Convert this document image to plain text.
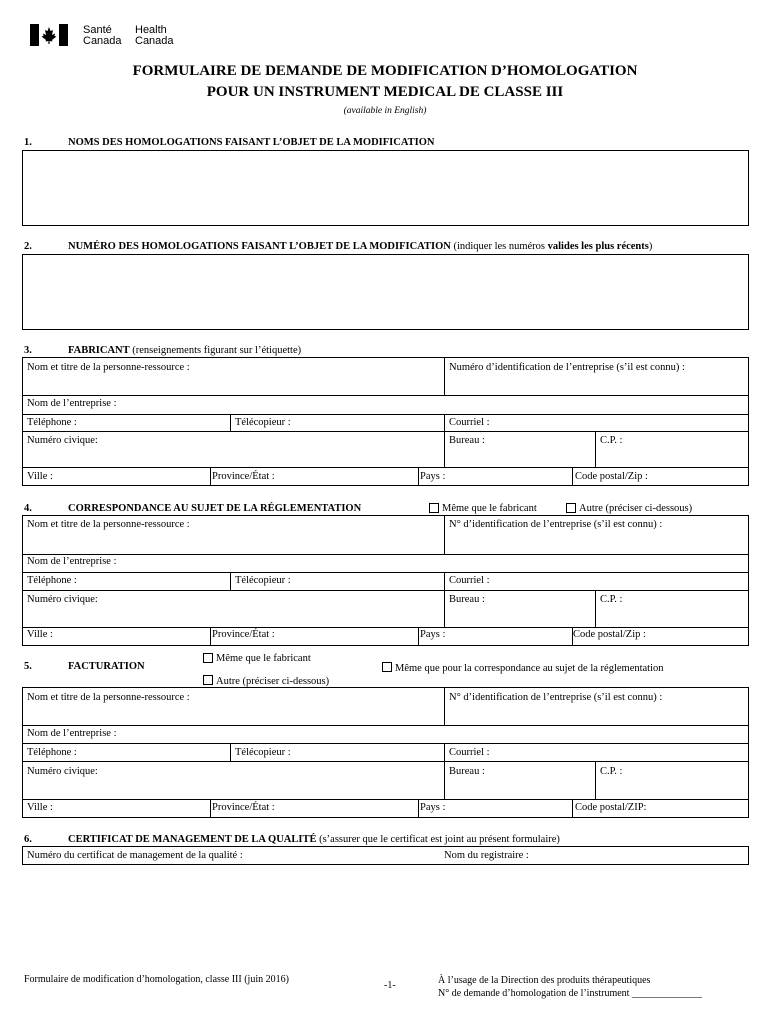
Santé
Canada
Health
Canada
FORMULAIRE DE DEMANDE DE MODIFICATION D’HOMOLOGATION
POUR UN INSTRUMENT MEDICAL DE CLASSE III
(available in English)
1.	NOMS DES HOMOLOGATIONS FAISANT L’OBJET DE LA MODIFICATION
2.	NUMÉRO DES HOMOLOGATIONS FAISANT L’OBJET DE LA MODIFICATION (indiquer les numéros valides les plus récents)
3.	FABRICANT (renseignements figurant sur l’étiquette)
Nom et titre de la personne-ressource :	Numéro d’identification de l’entreprise (s’il est connu) :
Nom de l’entreprise :
Téléphone :	Télécopieur :	Courriel :
Numéro civique:	Bureau :	C.P. :
Ville :	Province/État :	Pays :	Code postal/Zip :
4.	CORRESPONDANCE AU SUJET DE LA RÉGLEMENTATION	Même que le fabricant	Autre (préciser ci-dessous)
Nom et titre de la personne-ressource :	N° d’identification de l’entreprise (s’il est connu) :
Nom de l’entreprise :
Téléphone :	Télécopieur :	Courriel :
Numéro civique:	Bureau :	C.P. :
Ville :	Province/État :	Pays :	Code postal/Zip :
5.	FACTURATION
Même que le fabricant
Autre (préciser ci-dessous)
Même que pour la correspondance au sujet de la réglementation
Nom et titre de la personne-ressource :	N° d’identification de l’entreprise (s’il est connu) :
Nom de l’entreprise :
Téléphone :	Télécopieur :	Courriel :
Numéro civique:	Bureau :	C.P. :
Ville :	Province/État :	Pays :	Code postal/ZIP:
6.	CERTIFICAT DE MANAGEMENT DE LA QUALITÉ (s’assurer que le certificat est joint au présent formulaire)
Numéro du certificat de management de la qualité :	Nom du registraire :
Formulaire de modification d’homologation, classe III (juin 2016)
-1-	À l’usage de la Direction des produits thérapeutiques
N° de demande d’homologation de l’instrument ______________
